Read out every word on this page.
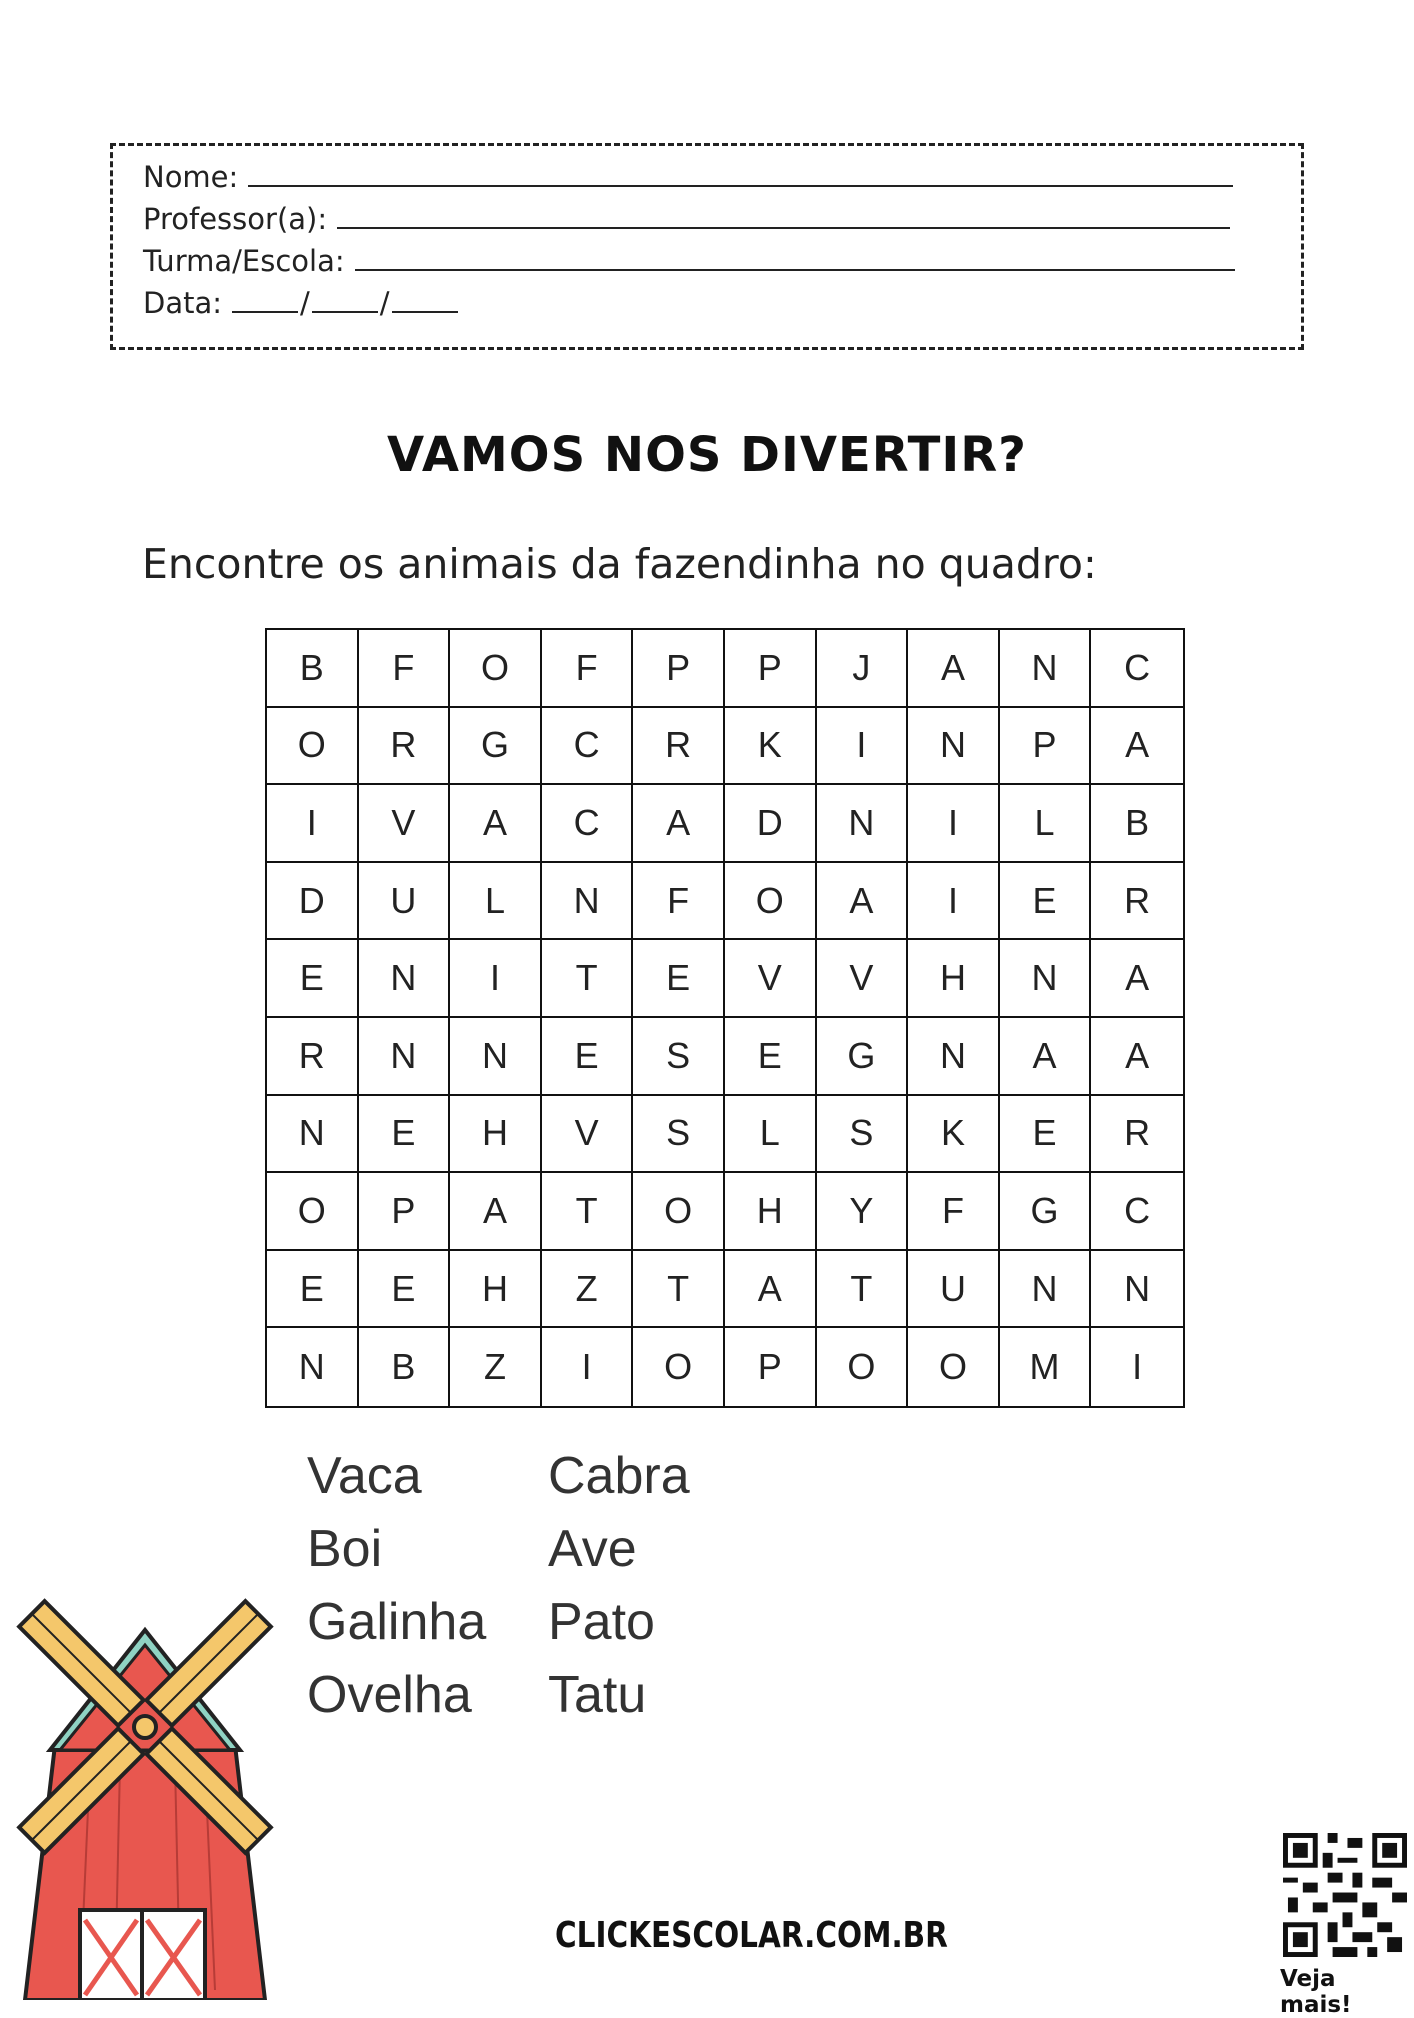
Nome:
Professor(a):
Turma/Escola:
Data:	/ /
VAMOS NOS DIVERTIR?
Encontre os animais da fazendinha no quadro:
B	F	O	F	P	P	J	A	N	C
O	R	G	C	R	K	I	N	P	A
I	V	A	C	A	D	N	I	L	B
D	U	L	N	F	O	A	I	E	R
E	N	I	T	E	V	V	H	N	A
R	N	N	E	S	E	G	N	A	A
N	E	H	V	S	L	S	K	E	R
O	P	A	T	O	H	Y	F	G	C
E	E	H	Z	T	A	T	U	N	N
N	B	Z	I	O	P	O	O	M	I
Vaca
Boi
Galinha
Ovelha
Cabra
Ave
Pato
Tatu
CLICKESCOLAR.COM.BR
Veja mais!
